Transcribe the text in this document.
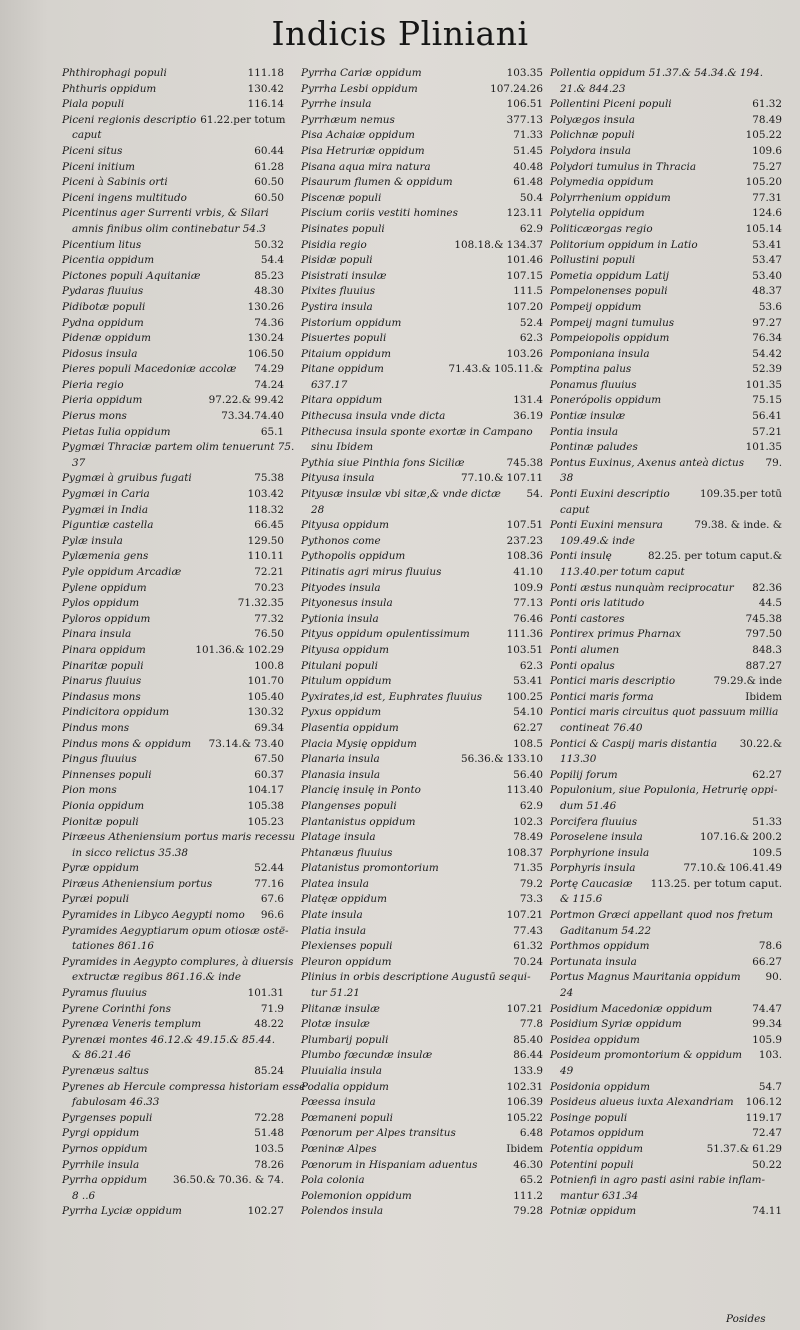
Indicis Pliniani
Phthirophagi populi	111.18
Phthuris oppidum	130.42
Piala populi	116.14
Piceni regionis descriptio 61.22.per totum
caput
Piceni situs	60.44
Piceni initium	61.28
Piceni à Sabinis orti	60.50
Piceni ingens multitudo	60.50
Picentinus ager Surrenti vrbis, & Silari
amnis finibus olim continebatur 54.3
Picentium litus	50.32
Picentia oppidum	54.4
Pictones populi Aquitaniæ	85.23
Pydaras fluuius	48.30
Pidibotæ populi	130.26
Pydna oppidum	74.36
Pidenæ oppidum	130.24
Pidosus insula	106.50
Pieres populi Macedoniæ accolæ	74.29
Pieria regio	74.24
Pieria oppidum	97.22.& 99.42
Pierus mons	73.34.74.40
Pietas Iulia oppidum	65.1
Pygmæi Thraciæ partem olim tenuerunt 75.
37
Pygmæi à gruibus fugati	75.38
Pygmæi in Caria	103.42
Pygmæi in India	118.32
Piguntiæ castella	66.45
Pylæ insula	129.50
Pylæmenia gens	110.11
Pyle oppidum Arcadiæ	72.21
Pylene oppidum	70.23
Pylos oppidum	71.32.35
Pyloros oppidum	77.32
Pinara insula	76.50
Pinara oppidum	101.36.& 102.29
Pinaritæ populi	100.8
Pinarus fluuius	101.70
Pindasus mons	105.40
Pindicitora oppidum	130.32
Pindus mons	69.34
Pindus mons & oppidum	73.14.& 73.40
Pingus fluuius	67.50
Pinnenses populi	60.37
Pion mons	104.17
Pionia oppidum	105.38
Pionitæ populi	105.23
Piræeus Atheniensium portus maris recessu
in sicco relictus 35.38
Pyræ oppidum	52.44
Piræus Atheniensium portus	77.16
Pyræi populi	67.6
Pyramides in Libyco Aegypti nomo	96.6
Pyramides Aegyptiarum opum otiosæ ostë-
tationes 861.16
Pyramides in Aegypto complures, à diuersis
extructæ regibus 861.16.& inde
Pyramus fluuius	101.31
Pyrene Corinthi fons	71.9
Pyrenæa Veneris templum	48.22
Pyrenæi montes 46.12.& 49.15.& 85.44.
& 86.21.46
Pyrenæus saltus	85.24
Pyrenes ab Hercule compressa historiam esse
fabulosam 46.33
Pyrgenses populi	72.28
Pyrgi oppidum	51.48
Pyrnos oppidum	103.5
Pyrrhile insula	78.26
Pyrrha oppidum	36.50.& 70.36. & 74.
8 ..6
Pyrrha Lyciæ oppidum	102.27
Pyrrha Cariæ oppidum	103.35
Pyrrha Lesbi oppidum	107.24.26
Pyrrhe insula	106.51
Pyrrhæum nemus	377.13
Pisa Achaiæ oppidum	71.33
Pisa Hetruriæ oppidum	51.45
Pisana aqua mira natura	40.48
Pisaurum flumen & oppidum	61.48
Piscenæ populi	50.4
Piscium coriis vestiti homines	123.11
Pisinates populi	62.9
Pisidia regio	108.18.& 134.37
Pisidæ populi	101.46
Pisistrati insulæ	107.15
Pixites fluuius	111.5
Pystira insula	107.20
Pistorium oppidum	52.4
Pisuertes populi	62.3
Pitaium oppidum	103.26
Pitane oppidum	71.43.& 105.11.&
637.17
Pitara oppidum	131.4
Pithecusa insula vnde dicta	36.19
Pithecusa insula sponte exortæ in Campano
sinu Ibidem
Pythia siue Pinthia fons Siciliæ	745.38
Pityusa insula	77.10.& 107.11
Pityusæ insulæ vbi sitæ,& vnde dictæ	54.
28
Pityusa oppidum	107.51
Pythonos come	237.23
Pythopolis oppidum	108.36
Pitinatis agri mirus fluuius	41.10
Pityodes insula	109.9
Pityonesus insula	77.13
Pytionia insula	76.46
Pityus oppidum opulentissimum	111.36
Pityusa oppidum	103.51
Pitulani populi	62.3
Pitulum oppidum	53.41
Pyxirates,id est, Euphrates fluuius	100.25
Pyxus oppidum	54.10
Plasentia oppidum	62.27
Placia Mysię oppidum	108.5
Planaria insula	56.36.& 133.10
Planasia insula	56.40
Plancię insulę in Ponto	113.40
Plangenses populi	62.9
Plantanistus oppidum	102.3
Platage insula	78.49
Phtanæus fluuius	108.37
Platanistus promontorium	71.35
Platea insula	79.2
Platęæ oppidum	73.3
Plate insula	107.21
Platia insula	77.43
Plexienses populi	61.32
Pleuron oppidum	70.24
Plinius in orbis descriptione Augustū sequi-
tur 51.21
Plitanæ insulæ	107.21
Plotæ insulæ	77.8
Plumbarij populi	85.40
Plumbo fœcundæ insulæ	86.44
Pluuialia insula	133.9
Podalia oppidum	102.31
Pœessa insula	106.39
Pœmaneni populi	105.22
Pœnorum per Alpes transitus	6.48
Pœninæ Alpes	Ibidem
Pœnorum in Hispaniam aduentus	46.30
Pola colonia	65.2
Polemonion oppidum	111.2
Polendos insula	79.28
Pollentia oppidum 51.37.& 54.34.& 194.
21.& 844.23
Pollentini Piceni populi	61.32
Polyægos insula	78.49
Polichnæ populi	105.22
Polydora insula	109.6
Polydori tumulus in Thracia	75.27
Polymedia oppidum	105.20
Polyrrhenium oppidum	77.31
Polytelia oppidum	124.6
Politicæorgas regio	105.14
Politorium oppidum in Latio	53.41
Pollustini populi	53.47
Pometia oppidum Latij	53.40
Pompelonenses populi	48.37
Pompeij oppidum	53.6
Pompeij magni tumulus	97.27
Pompeiopolis oppidum	76.34
Pomponiana insula	54.42
Pomptina palus	52.39
Ponamus fluuius	101.35
Ponerópolis oppidum	75.15
Pontiæ insulæ	56.41
Pontia insula	57.21
Pontinæ paludes	101.35
Pontus Euxinus, Axenus anteà dictus	79.
38
Ponti Euxini descriptio	109.35.per totū
caput
Ponti Euxini mensura	79.38. & inde. &
109.49.& inde
Ponti insulę	82.25. per totum caput.&
113.40.per totum caput
Ponti æstus nunquàm reciprocatur	82.36
Ponti oris latitudo	44.5
Ponti castores	745.38
Pontirex primus Pharnax	797.50
Ponti alumen	848.3
Ponti opalus	887.27
Pontici maris descriptio	79.29.& inde
Pontici maris forma	Ibidem
Pontici maris circuitus quot passuum millia
contineat 76.40
Pontici & Caspij maris distantia	30.22.&
113.30
Popilij forum	62.27
Populonium, siue Populonia, Hetrurię oppi-
dum 51.46
Porcifera fluuius	51.33
Poroselene insula	107.16.& 200.2
Porphyrione insula	109.5
Porphyris insula	77.10.& 106.41.49
Portę Caucasiæ	113.25. per totum caput.
& 115.6
Portmon Græci appellant quod nos fretum
Gaditanum 54.22
Porthmos oppidum	78.6
Portunata insula	66.27
Portus Magnus Mauritania oppidum	90.
24
Posidium Macedoniæ oppidum	74.47
Posidium Syriæ oppidum	99.34
Posidea oppidum	105.9
Posideum promontorium & oppidum	103.
49
Posidonia oppidum	54.7
Posideus alueus iuxta Alexandriam	106.12
Posinge populi	119.17
Potamos oppidum	72.47
Potentia oppidum	51.37.& 61.29
Potentini populi	50.22
Potnienfi in agro pasti asini rabie inflam-
mantur 631.34
Potniæ oppidum	74.11
Posides
